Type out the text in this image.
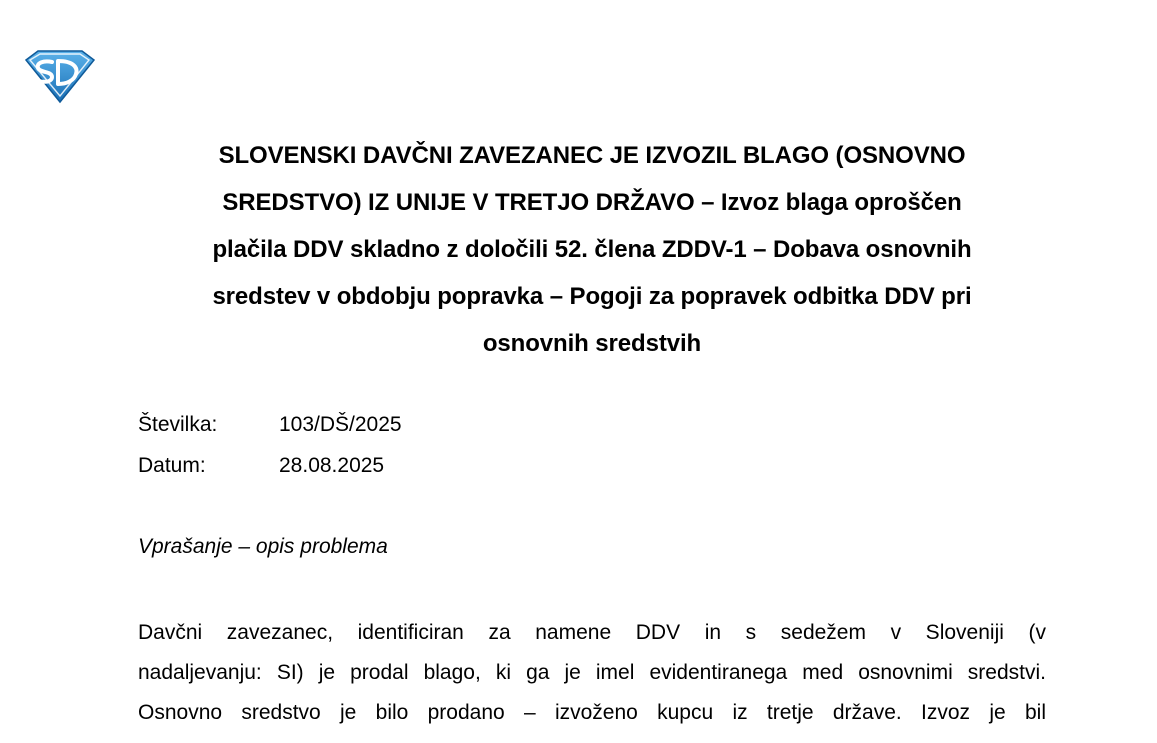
SLOVENSKI DAVČNI ZAVEZANEC JE IZVOZIL BLAGO (OSNOVNO
SREDSTVO) IZ UNIJE V TRETJO DRŽAVO – Izvoz blaga oproščen
plačila DDV skladno z določili 52. člena ZDDV-1 – Dobava osnovnih
sredstev v obdobju popravka – Pogoji za popravek odbitka DDV pri
osnovnih sredstvih
Številka:	103/DŠ/2025
Datum:	28.08.2025
Vprašanje – opis problema

Davčni zavezanec, identificiran za namene DDV in s sedežem v Sloveniji (v
nadaljevanju: SI) je prodal blago, ki ga je imel evidentiranega med osnovnimi sredstvi.
Osnovno sredstvo je bilo prodano – izvoženo kupcu iz tretje države. Izvoz je bil
